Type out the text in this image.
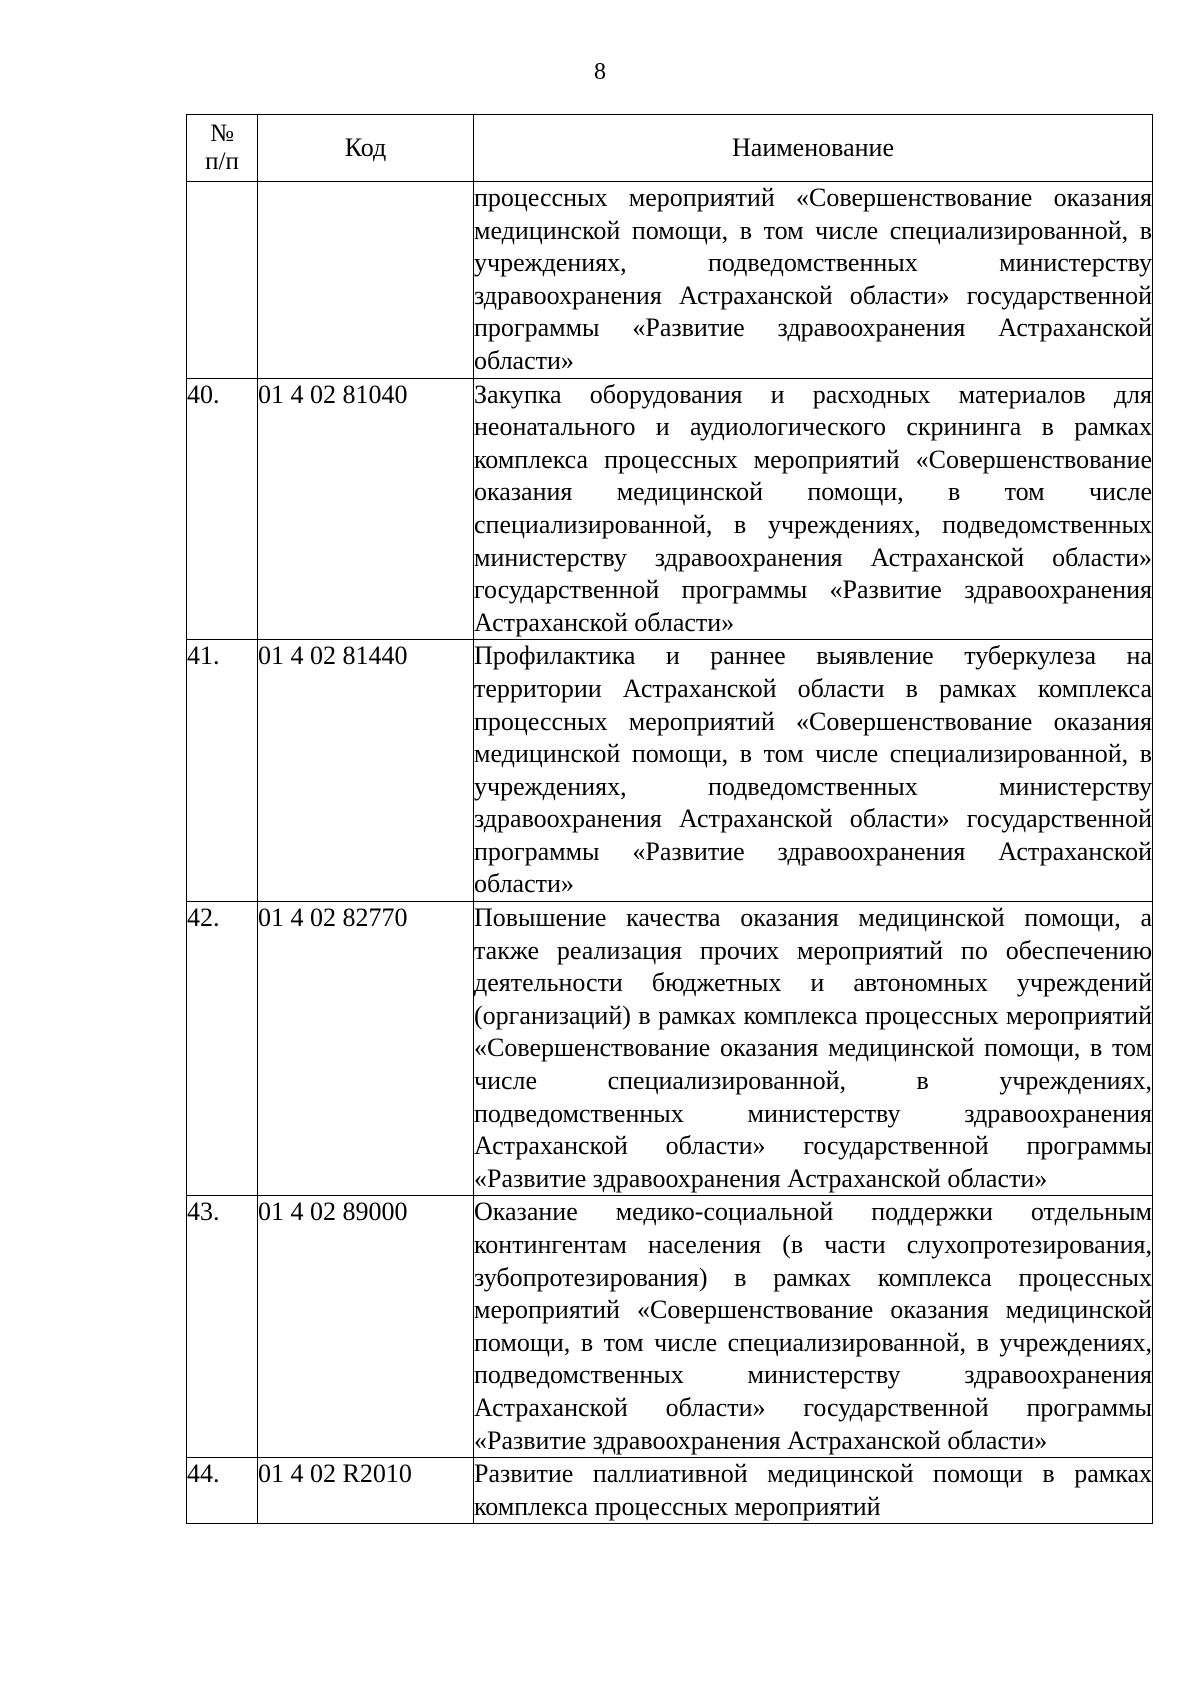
8
№
п/п	Код	Наименование
		процессных мероприятий «Совершенствование оказания медицинской помощи, в том числе специализированной, в учреждениях, подведомственных министерству здравоохранения Астраханской области» государственной программы «Развитие здравоохранения Астраханской области»
40.	01 4 02 81040	Закупка оборудования и расходных материалов для неонатального и аудиологического скрининга в рамках комплекса процессных мероприятий «Совершенствование оказания медицинской помощи, в том числе специализированной, в учреждениях, подведомственных министерству здравоохранения Астраханской области» государственной программы «Развитие здравоохранения Астраханской области»
41.	01 4 02 81440	Профилактика и раннее выявление туберкулеза на территории Астраханской области в рамках комплекса процессных мероприятий «Совершенствование оказания медицинской помощи, в том числе специализированной, в учреждениях, подведомственных министерству здравоохранения Астраханской области» государственной программы «Развитие здравоохранения Астраханской области»
42.	01 4 02 82770	Повышение качества оказания медицинской помощи, а также реализация прочих мероприятий по обеспечению деятельности бюджетных и автономных учреждений (организаций) в рамках комплекса процессных мероприятий «Совершенствование оказания медицинской помощи, в том числе специализированной, в учреждениях, подведомственных министерству здравоохранения Астраханской области» государственной программы «Развитие здравоохранения Астраханской области»
43.	01 4 02 89000	Оказание медико-социальной поддержки отдельным контингентам населения (в части слухопротезирования, зубопротезирования) в рамках комплекса процессных мероприятий «Совершенствование оказания медицинской помощи, в том числе специализированной, в учреждениях, подведомственных министерству здравоохранения Астраханской области» государственной программы «Развитие здравоохранения Астраханской области»
44.	01 4 02 R2010	Развитие паллиативной медицинской помощи в рамках комплекса процессных мероприятий
